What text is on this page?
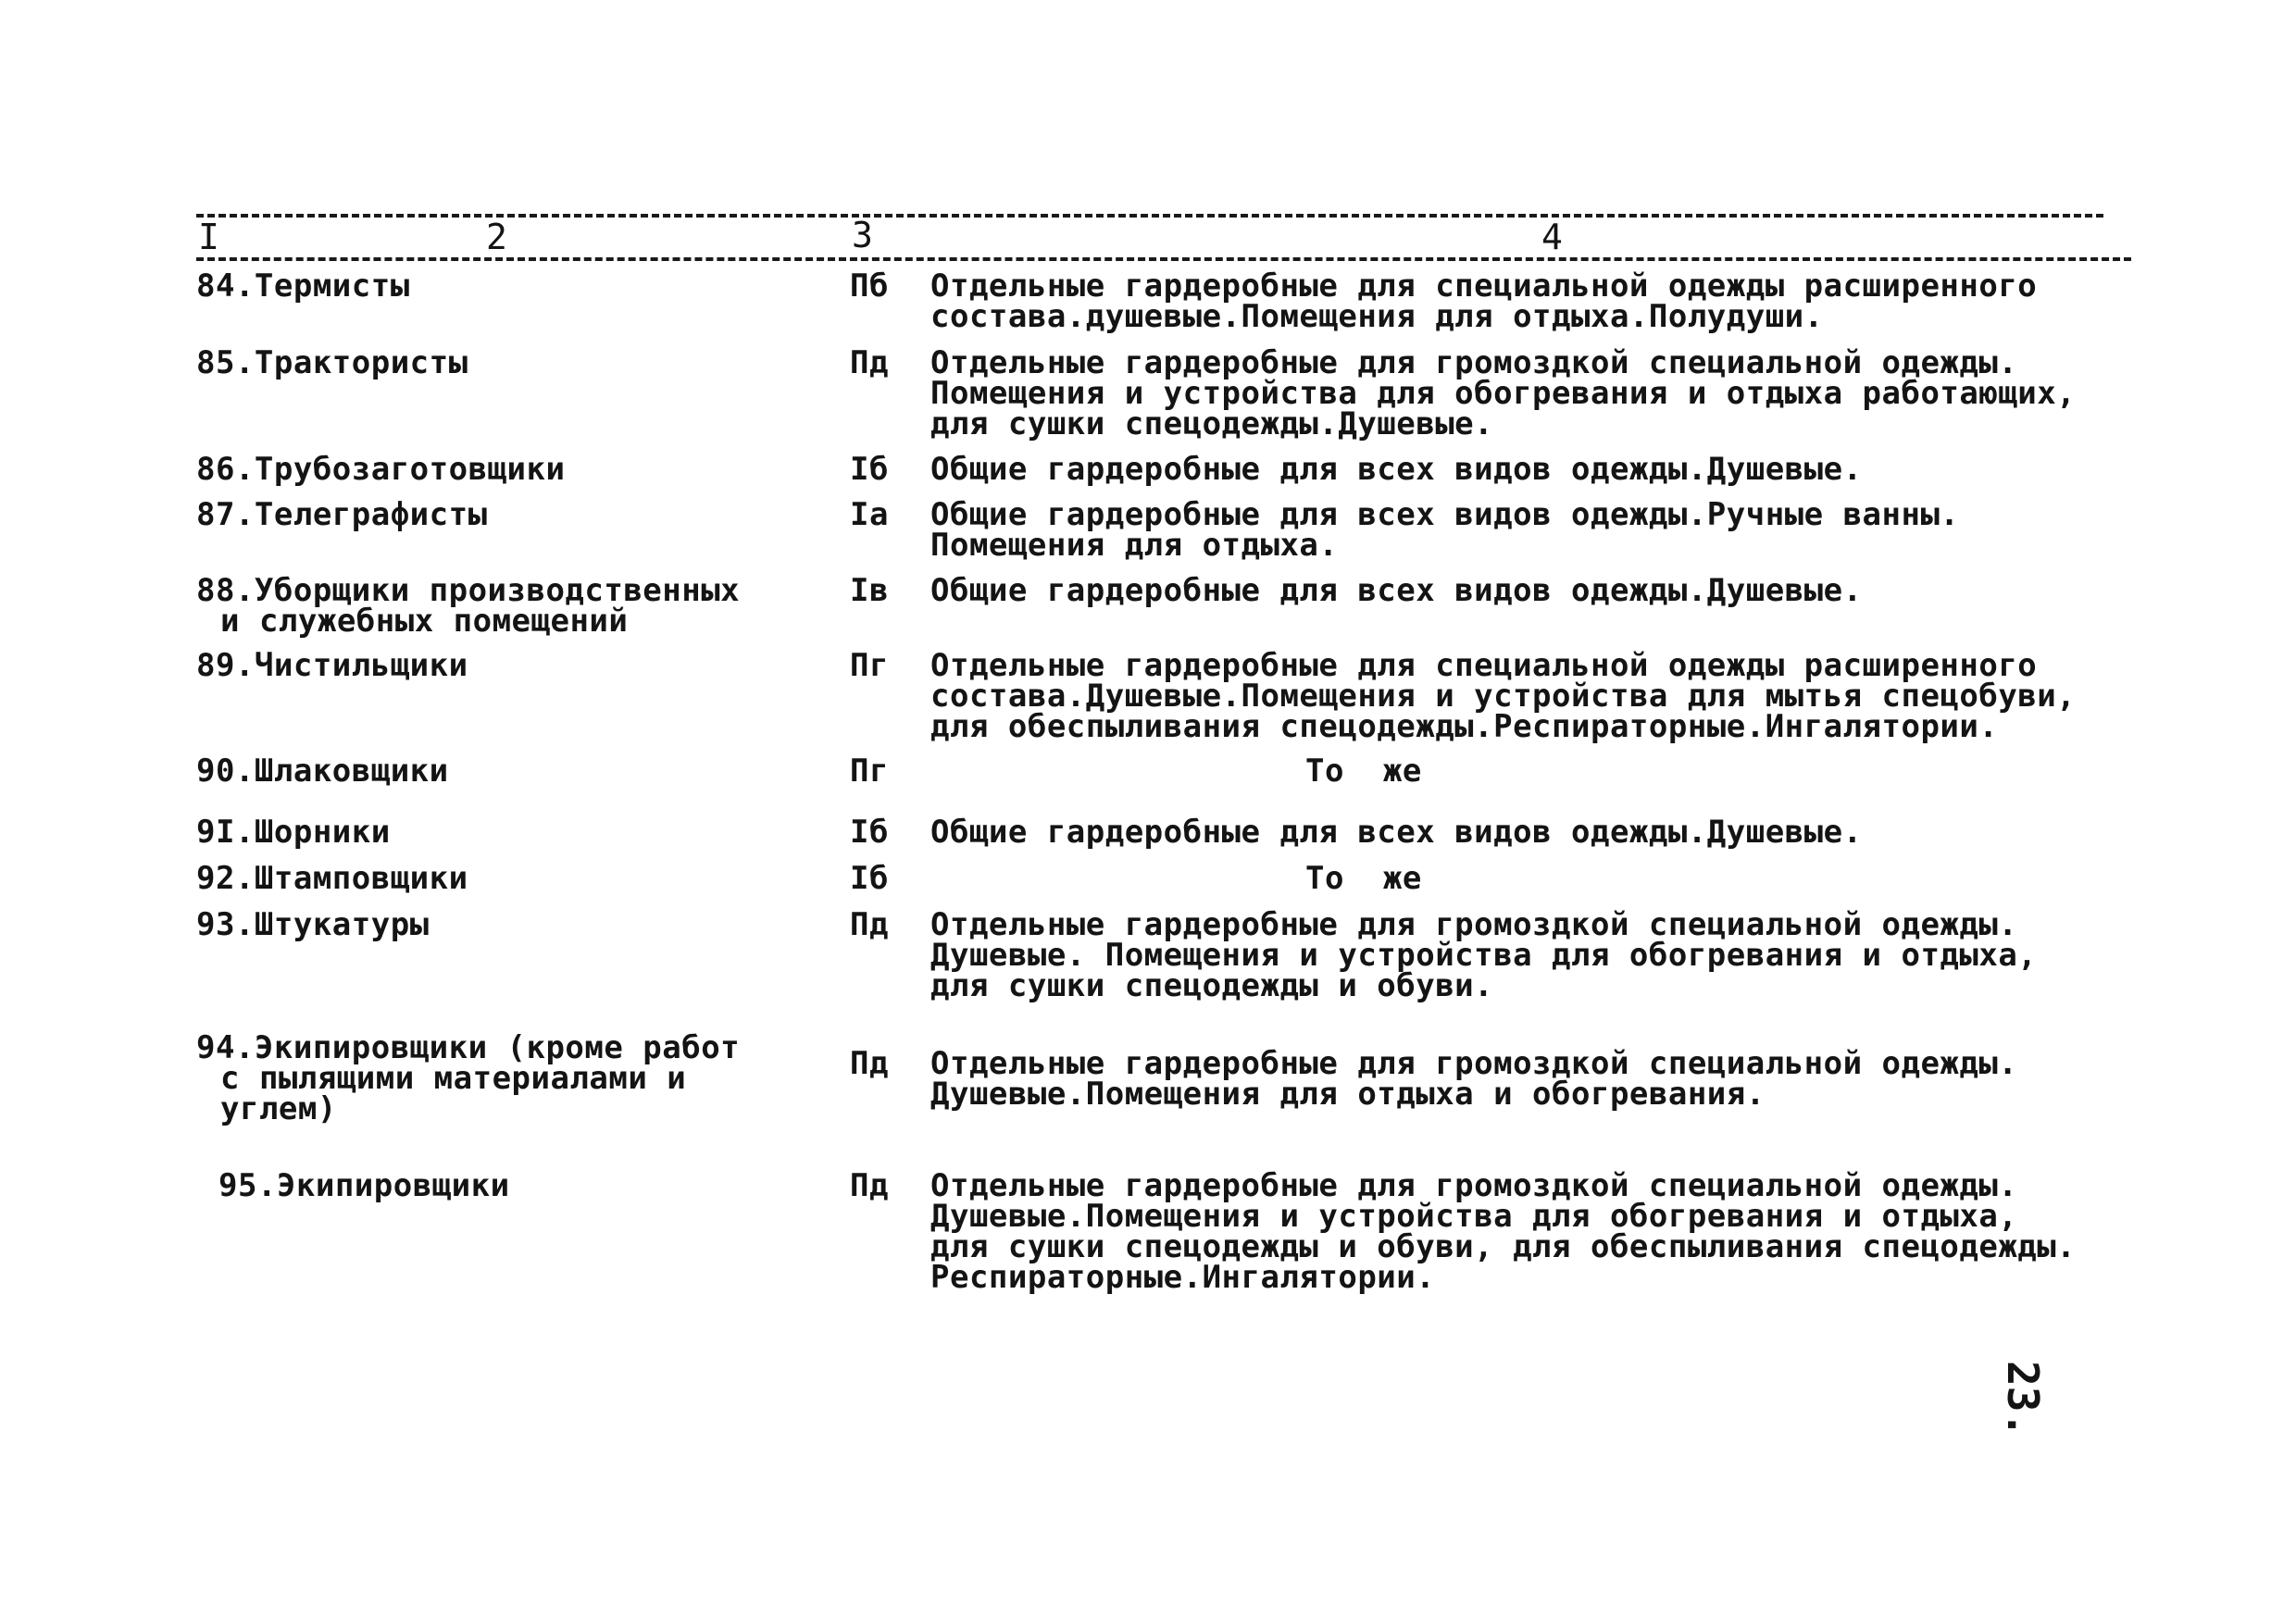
I	2	3	4
84.Термисты	Пб Отдельные гардеробные для специальной одежды расширенного
состава.душевые.Помещения для отдыха.Полудуши.
85.Трактористы	Пд Отдельные гардеробные для громоздкой специальной одежды.
Помещения и устройства для обогревания и отдыха работающих,
для сушки спецодежды.Душевые.
86.Трубозаготовщики	Iб Общие гардеробные для всех видов одежды.Душевые.
87.Телеграфисты	Iа Общие гардеробные для всех видов одежды.Ручные ванны.
Помещения для отдыха.
88.Уборщики производственных
и служебных помещений
Iв Общие гардеробные для всех видов одежды.Душевые.
89.Чистильщики	Пг Отдельные гардеробные для специальной одежды расширенного
состава.Душевые.Помещения и устройства для мытья спецобуви,
для обеспыливания спецодежды.Респираторные.Ингалятории.
90.Шлаковщики	Пг	То  же
9I.Шорники	Iб Общие гардеробные для всех видов одежды.Душевые.
92.Штамповщики	Iб	То  же
93.Штукатуры	Пд Отдельные гардеробные для громоздкой специальной одежды.
Душевые. Помещения и устройства для обогревания и отдыха,
для сушки спецодежды и обуви.
94.Экипировщики (кроме работ
с пылящими материалами и
углем)
Пд Отдельные гардеробные для громоздкой специальной одежды.
Душевые.Помещения для отдыха и обогревания.
95.Экипировщики	Пд Отдельные гардеробные для громоздкой специальной одежды.
Душевые.Помещения и устройства для обогревания и отдыха,
для сушки спецодежды и обуви, для обеспыливания спецодежды.
Респираторные.Ингалятории.
23.
